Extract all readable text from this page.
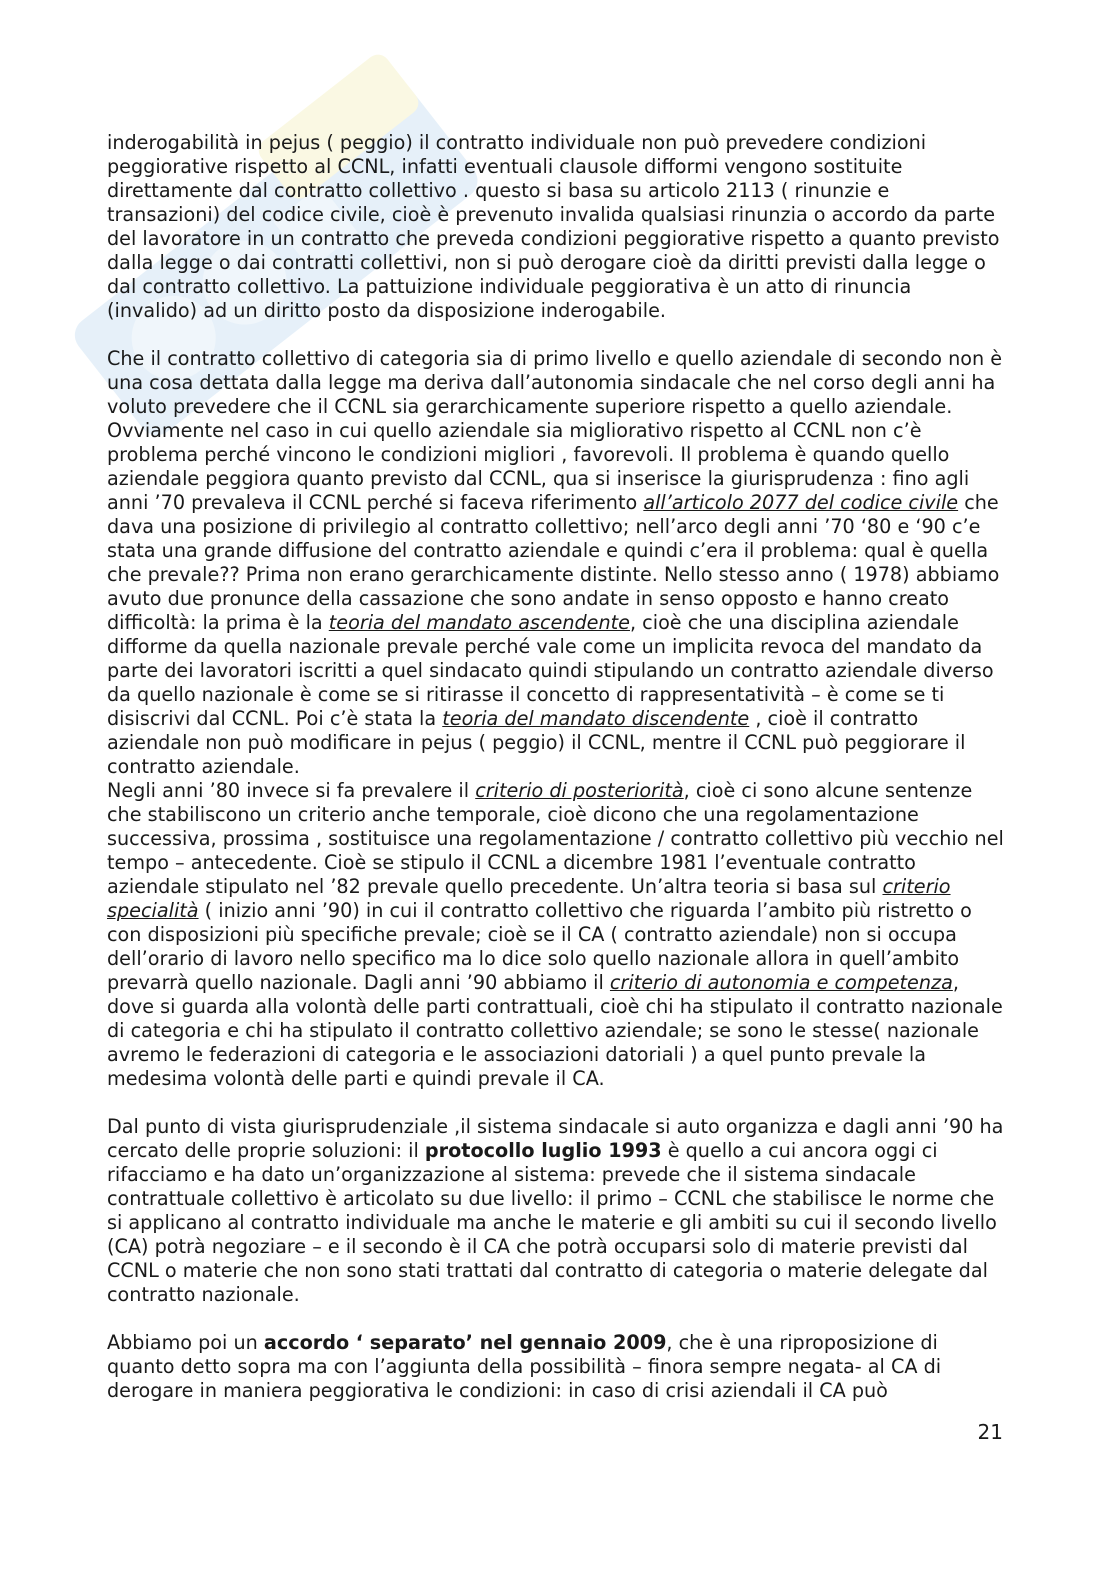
inderogabilità in pejus ( peggio) il contratto individuale non può prevedere condizioni peggiorative rispetto al CCNL, infatti eventuali clausole difformi vengono sostituite direttamente dal contratto collettivo . questo si basa su articolo 2113 ( rinunzie e transazioni) del codice civile, cioè è prevenuto invalida qualsiasi rinunzia o accordo da parte del lavoratore in un contratto che preveda condizioni peggiorative rispetto a quanto previsto dalla legge o dai contratti collettivi, non si può derogare cioè da diritti previsti dalla legge o dal contratto collettivo. La pattuizione individuale peggiorativa è un atto di rinuncia (invalido) ad un diritto posto da disposizione inderogabile.

Che il contratto collettivo di categoria sia di primo livello e quello aziendale di secondo non è una cosa dettata dalla legge ma deriva dall’autonomia sindacale che nel corso degli anni ha voluto prevedere che il CCNL sia gerarchicamente superiore rispetto a quello aziendale. Ovviamente nel caso in cui quello aziendale sia migliorativo rispetto al CCNL non c’è problema perché vincono le condizioni migliori , favorevoli. Il problema è quando quello aziendale peggiora quanto previsto dal CCNL, qua si inserisce la giurisprudenza : fino agli anni ’70 prevaleva il CCNL perché si faceva riferimento all’articolo 2077 del codice civile che dava una posizione di privilegio al contratto collettivo; nell’arco degli anni ’70 ‘80 e ‘90 c’e stata una grande diffusione del contratto aziendale e quindi c’era il problema: qual è quella che prevale?? Prima non erano gerarchicamente distinte. Nello stesso anno ( 1978) abbiamo avuto due pronunce della cassazione che sono andate in senso opposto e hanno creato difficoltà: la prima è la teoria del mandato ascendente, cioè che una disciplina aziendale difforme da quella nazionale prevale perché vale come un implicita revoca del mandato da parte dei lavoratori iscritti a quel sindacato quindi stipulando un contratto aziendale diverso da quello nazionale è come se si ritirasse il concetto di rappresentatività – è come se ti disiscrivi dal CCNL. Poi c’è stata la teoria del mandato discendente , cioè il contratto aziendale non può modificare in pejus ( peggio) il CCNL, mentre il CCNL può peggiorare il contratto aziendale.

Negli anni ’80 invece si fa prevalere il criterio di posteriorità, cioè ci sono alcune sentenze che stabiliscono un criterio anche temporale, cioè dicono che una regolamentazione successiva, prossima , sostituisce una regolamentazione / contratto collettivo più vecchio nel tempo – antecedente. Cioè se stipulo il CCNL a dicembre 1981 l’eventuale contratto aziendale stipulato nel ’82 prevale quello precedente. Un’altra teoria si basa sul criterio specialità ( inizio anni ’90) in cui il contratto collettivo che riguarda l’ambito più ristretto o con disposizioni più specifiche prevale; cioè se il CA ( contratto aziendale) non si occupa dell’orario di lavoro nello specifico ma lo dice solo quello nazionale allora in quell’ambito prevarrà quello nazionale. Dagli anni ’90 abbiamo il criterio di autonomia e competenza, dove si guarda alla volontà delle parti contrattuali, cioè chi ha stipulato il contratto nazionale di categoria e chi ha stipulato il contratto collettivo aziendale; se sono le stesse( nazionale avremo le federazioni di categoria e le associazioni datoriali ) a quel punto prevale la medesima volontà delle parti e quindi prevale il CA.

Dal punto di vista giurisprudenziale ,il sistema sindacale si auto organizza e dagli anni ’90 ha cercato delle proprie soluzioni: il protocollo luglio 1993 è quello a cui ancora oggi ci rifacciamo e ha dato un’organizzazione al sistema: prevede che il sistema sindacale contrattuale collettivo è articolato su due livello: il primo – CCNL che stabilisce le norme che si applicano al contratto individuale ma anche le materie e gli ambiti su cui il secondo livello (CA) potrà negoziare – e il secondo è il CA che potrà occuparsi solo di materie previsti dal CCNL o materie che non sono stati trattati dal contratto di categoria o materie delegate dal contratto nazionale.

Abbiamo poi un accordo ‘ separato’ nel gennaio 2009, che è una riproposizione di quanto detto sopra ma con l’aggiunta della possibilità – finora sempre negata- al CA di derogare in maniera peggiorativa le condizioni: in caso di crisi aziendali il CA può

21
